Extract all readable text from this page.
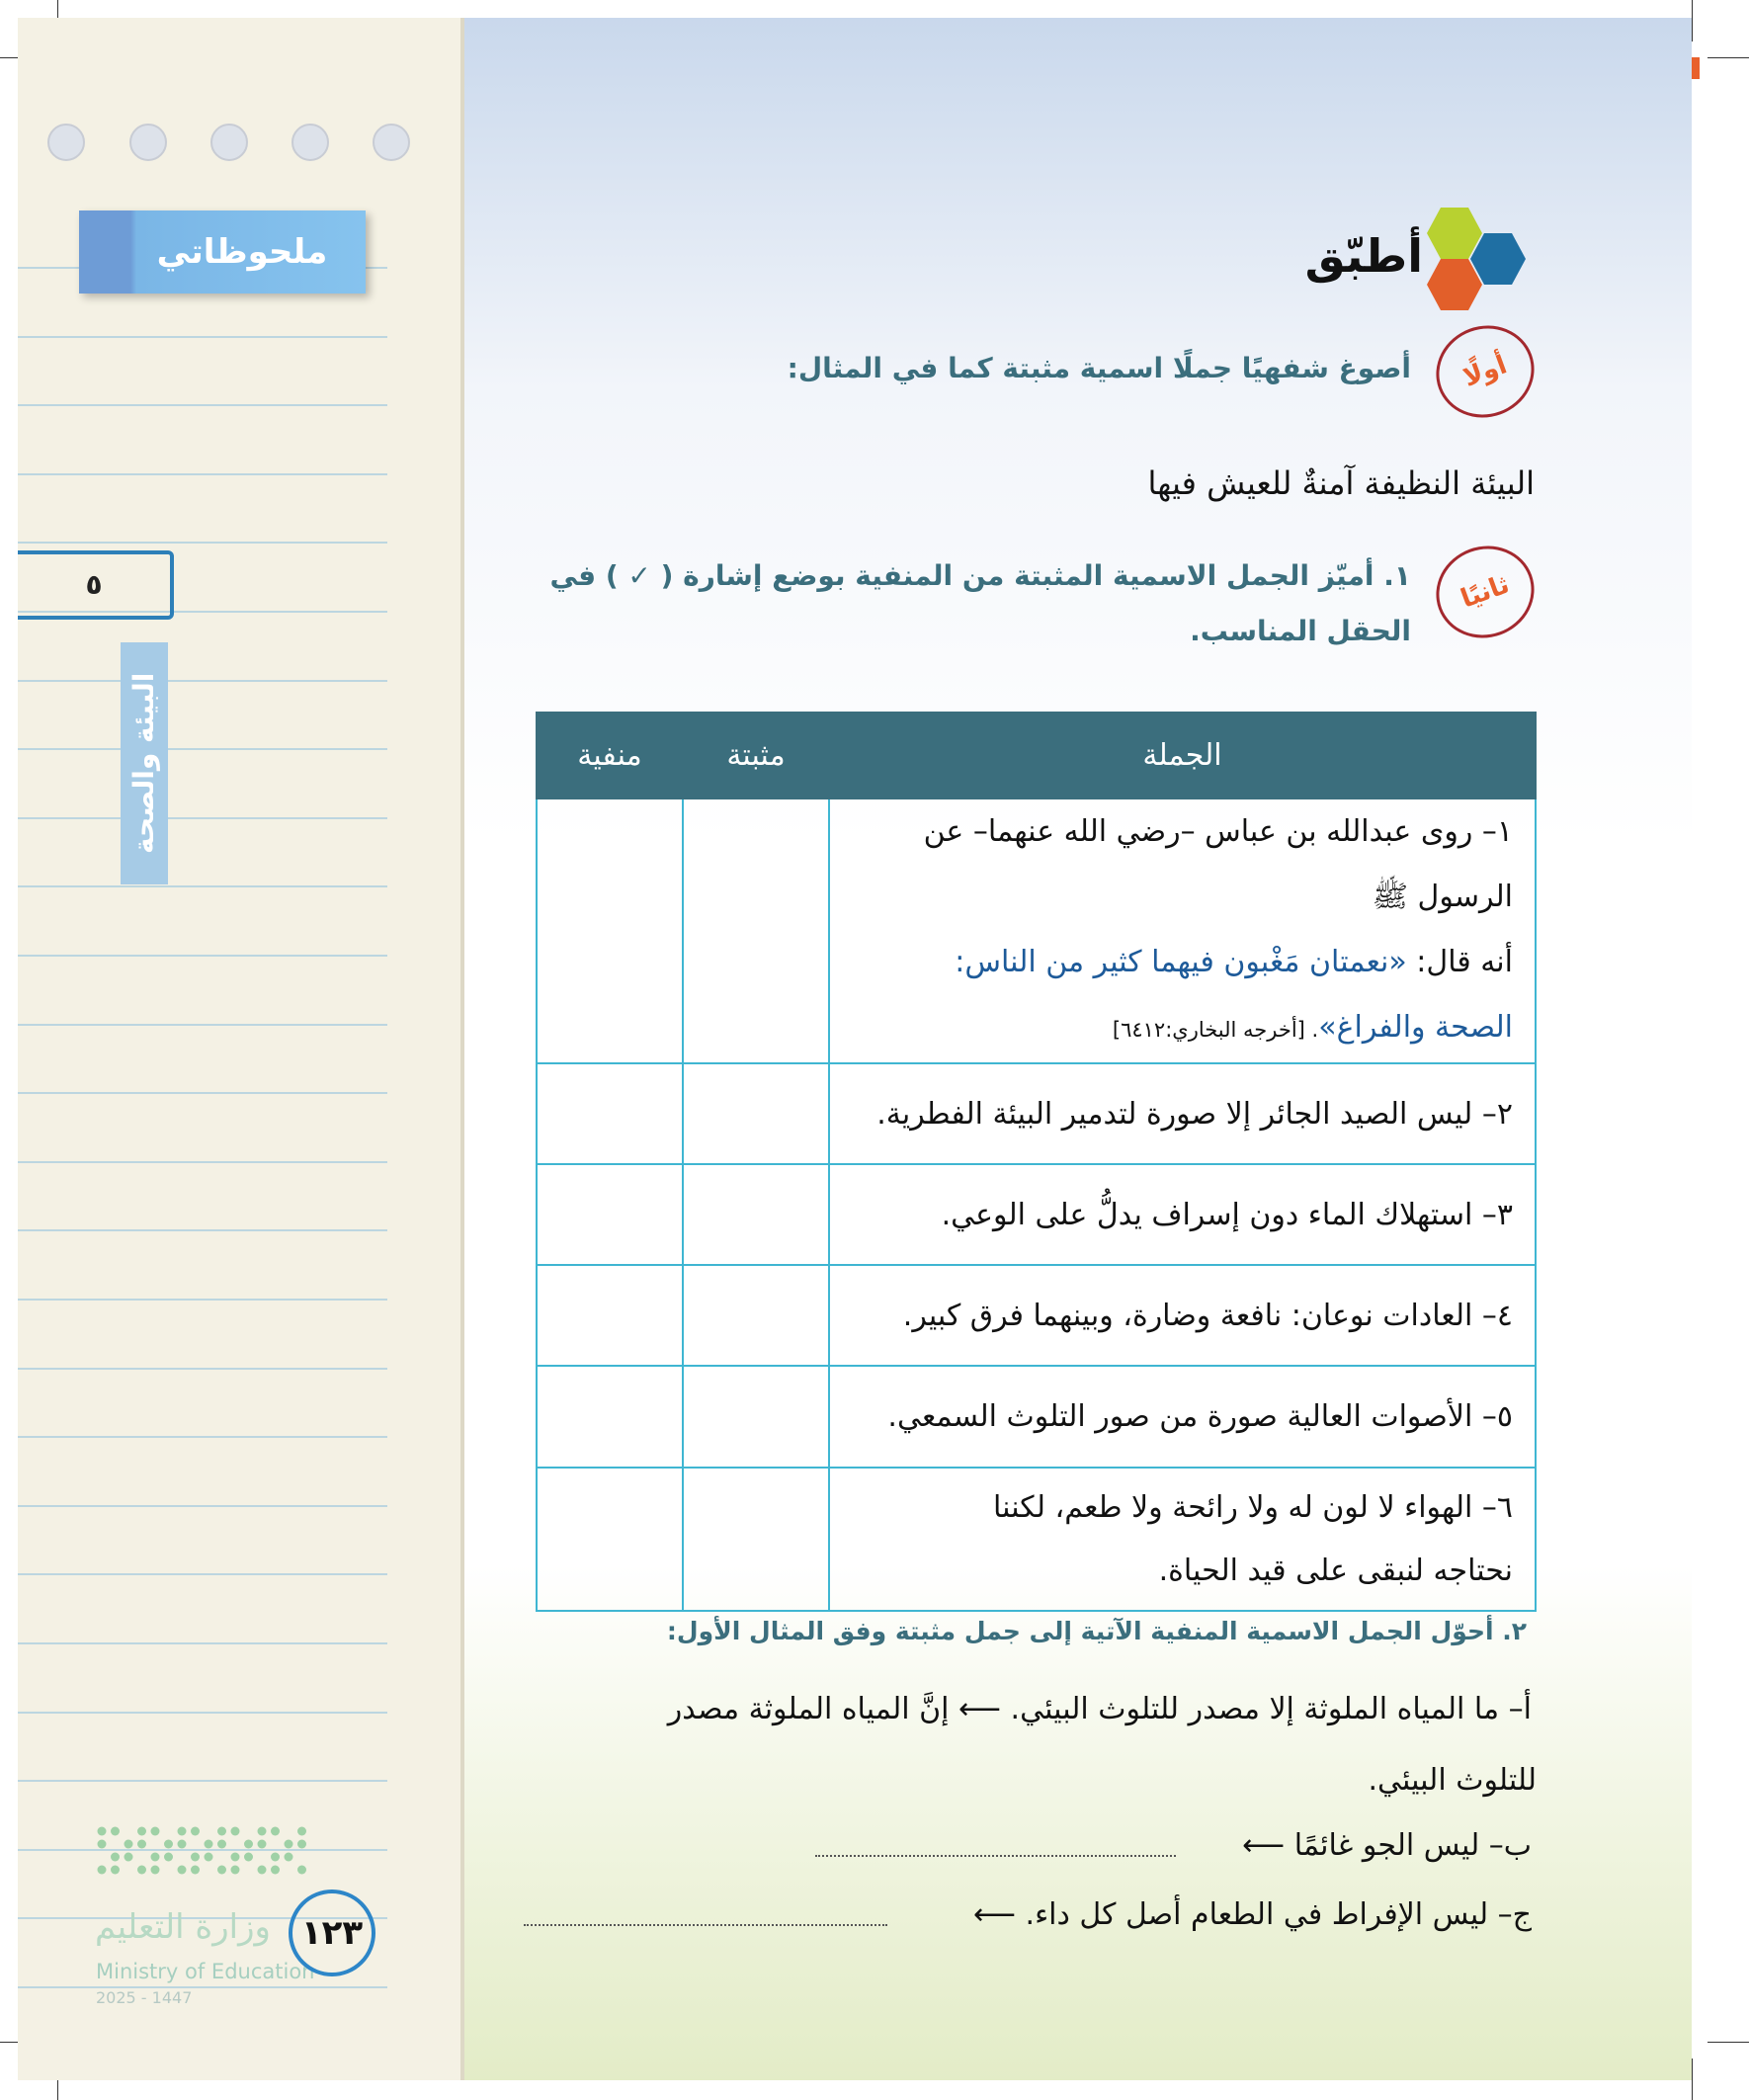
ملحوظاتي
٥
البيئة والصحة
وزارة التعليم
Ministry of Education
2025 - 1447
١٢٣
أطبّق
أولًا
أصوغ شفهيًا جملًا اسمية مثبتة كما في المثال:
البيئة النظيفة آمنةٌ للعيش فيها
ثانيًا
١. أميّز الجمل الاسمية المثبتة من المنفية بوضع إشارة ( ✓ ) في
الحقل المناسب.
الجملة	مثبتة	منفية

١– روى عبدالله بن عباس –رضي الله عنهما– عن الرسول ﷺ
أنه قال: «نعمتان مَغْبون فيهما كثير من الناس:
الصحة والفراغ». [أخرجه البخاري:٦٤١٢]		

٢– ليس الصيد الجائر إلا صورة لتدمير البيئة الفطرية.		
٣– استهلاك الماء دون إسراف يدلُّ على الوعي.		
٤– العادات نوعان: نافعة وضارة، وبينهما فرق كبير.		
٥– الأصوات العالية صورة من صور التلوث السمعي.		

٦– الهواء لا لون له ولا رائحة ولا طعم، لكننا
نحتاجه لنبقى على قيد الحياة.		

٢. أحوّل الجمل الاسمية المنفية الآتية إلى جمل مثبتة وفق المثال الأول:
أ– ما المياه الملوثة إلا مصدر للتلوث البيئي. ⟵ إنَّ المياه الملوثة مصدر
للتلوث البيئي.
ب– ليس الجو غائمًا ⟵
ج– ليس الإفراط في الطعام أصل كل داء. ⟵
